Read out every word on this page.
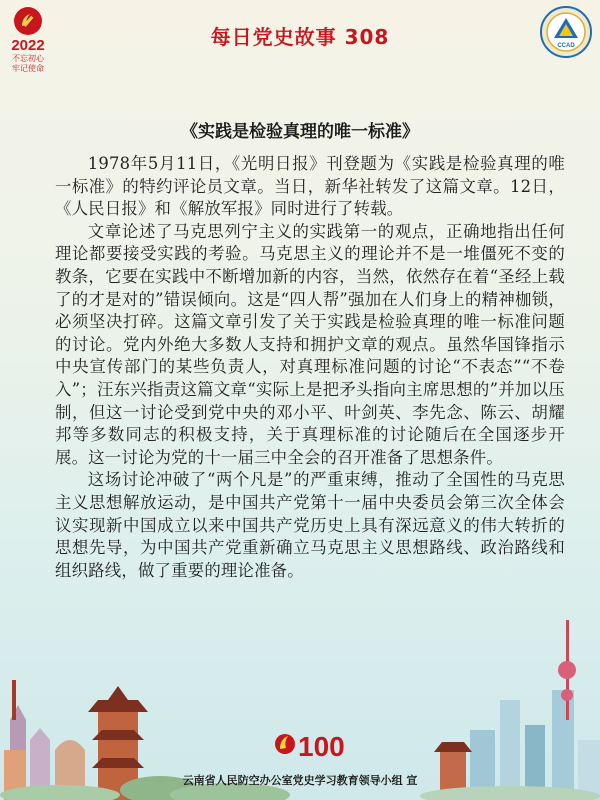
2022
不忘初心
牢记使命
每日党史故事 308	CCAD
《实践是检验真理的唯一标准》

1978年5月11日，《光明日报》刊登题为《实践是检验真理的唯一标准》的特约评论员文章。当日，新华社转发了这篇文章。12日，《人民日报》和《解放军报》同时进行了转载。

文章论述了马克思列宁主义的实践第一的观点，正确地指出任何理论都要接受实践的考验。马克思主义的理论并不是一堆僵死不变的教条，它要在实践中不断增加新的内容，当然，依然存在着“圣经上载了的才是对的”错误倾向。这是“四人帮”强加在人们身上的精神枷锁，必须坚决打碎。这篇文章引发了关于实践是检验真理的唯一标准问题的讨论。党内外绝大多数人支持和拥护文章的观点。虽然华国锋指示中央宣传部门的某些负责人，对真理标准问题的讨论“不表态”“不卷入”；汪东兴指责这篇文章“实际上是把矛头指向主席思想的”并加以压制，但这一讨论受到党中央的邓小平、叶剑英、李先念、陈云、胡耀邦等多数同志的积极支持，关于真理标准的讨论随后在全国逐步开展。这一讨论为党的十一届三中全会的召开准备了思想条件。

这场讨论冲破了“两个凡是”的严重束缚，推动了全国性的马克思主义思想解放运动，是中国共产党第十一届中央委员会第三次全体会议实现新中国成立以来中国共产党历史上具有深远意义的伟大转折的思想先导，为中国共产党重新确立马克思主义思想路线、政治路线和组织路线，做了重要的理论准备。

100
云南省人民防空办公室党史学习教育领导小组 宣
